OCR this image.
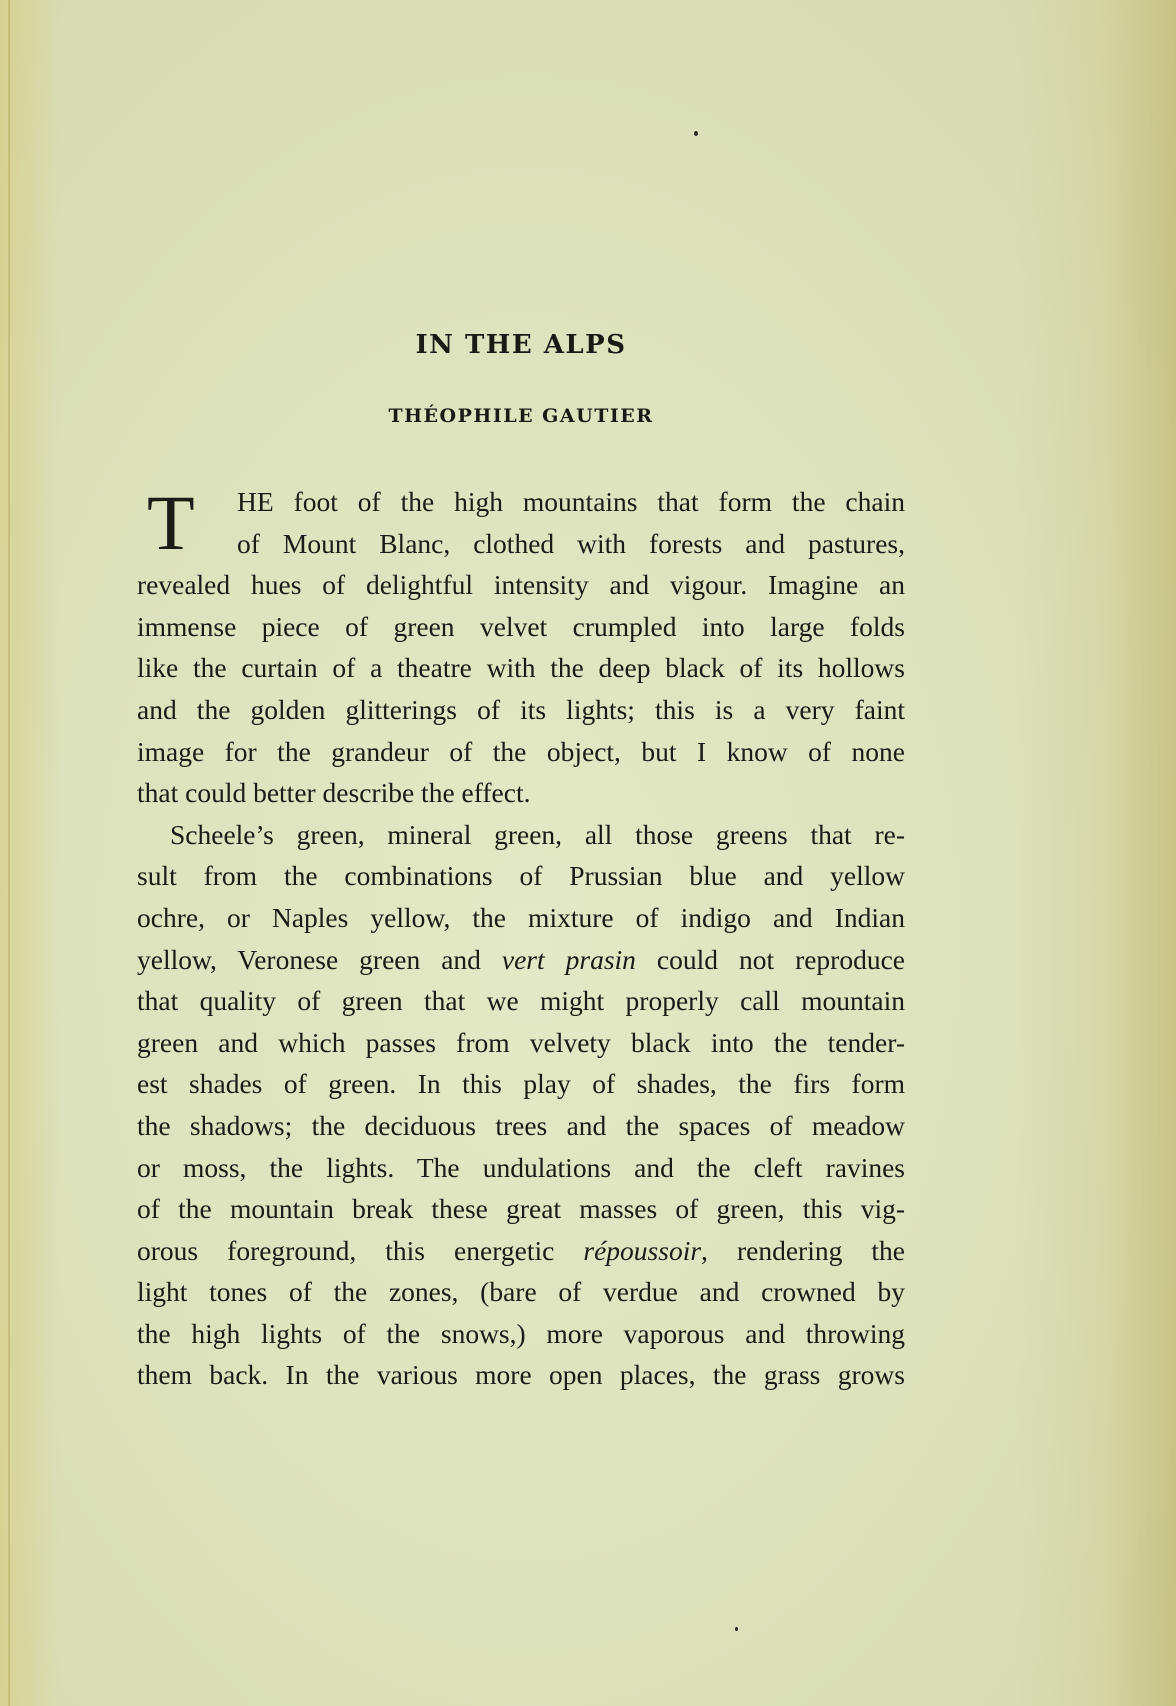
IN THE ALPS
THÉOPHILE GAUTIER
T	HE foot of the high mountains that form the chain
of Mount Blanc, clothed with forests and pastures,
revealed hues of delightful intensity and vigour. Imagine an
immense piece of green velvet crumpled into large folds
like the curtain of a theatre with the deep black of its hollows
and the golden glitterings of its lights; this is a very faint
image for the grandeur of the object, but I know of none
that could better describe the effect.
Scheele’s green, mineral green, all those greens that re-
sult from the combinations of Prussian blue and yellow
ochre, or Naples yellow, the mixture of indigo and Indian
yellow, Veronese green and vert prasin could not reproduce
that quality of green that we might properly call mountain
green and which passes from velvety black into the tender-
est shades of green. In this play of shades, the firs form
the shadows; the deciduous trees and the spaces of meadow
or moss, the lights. The undulations and the cleft ravines
of the mountain break these great masses of green, this vig-
orous foreground, this energetic répoussoir, rendering the
light tones of the zones, (bare of verdue and crowned by
the high lights of the snows,) more vaporous and throwing
them back. In the various more open places, the grass grows
